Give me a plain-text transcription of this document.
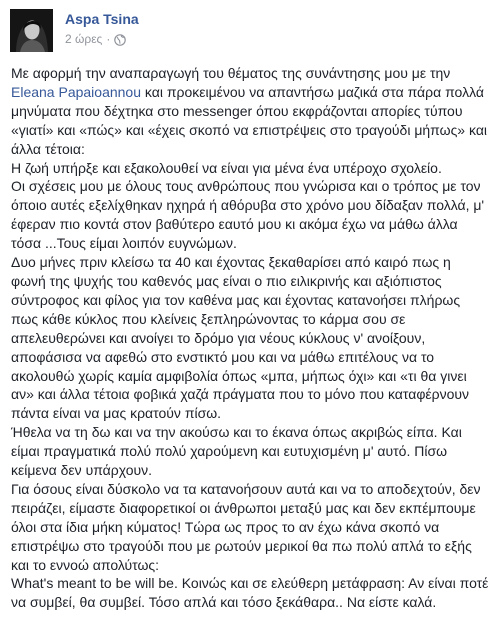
Aspa Tsina
2 ώρες ·

Με αφορμή την αναπαραγωγή του θέματος της συνάντησης μου με την Eleana Papaioannou και προκειμένου να απαντήσω μαζικά στα πάρα πολλά μηνύματα που δέχτηκα στο messenger όπου εκφράζονται απορίες τύπου «γιατί» και «πώς» και «έχεις σκοπό να επιστρέψεις στο τραγούδι μήπως» και άλλα τέτοια:

Η ζωή υπήρξε και εξακολουθεί να είναι για μένα ένα υπέροχο σχολείο.

Οι σχέσεις μου με όλους τους ανθρώπους που γνώρισα και ο τρόπος με τον όποιο αυτές εξελίχθηκαν ηχηρά ή αθόρυβα στο χρόνο μου δίδαξαν πολλά, μ' έφεραν πιο κοντά στον βαθύτερο εαυτό μου κι ακόμα έχω να μάθω άλλα τόσα ...Τους είμαι λοιπόν ευγνώμων.

Δυο μήνες πριν κλείσω τα 40 και έχοντας ξεκαθαρίσει από καιρό πως η φωνή της ψυχής του καθενός μας είναι ο πιο ειλικρινής και αξιόπιστος σύντροφος και φίλος για τον καθένα μας και έχοντας κατανοήσει πλήρως πως κάθε κύκλος που κλείνεις ξεπληρώνοντας το κάρμα σου σε απελευθερώνει και ανοίγει το δρόμο για νέους κύκλους ν' ανοίξουν, αποφάσισα να αφεθώ στο ενστικτό μου και να μάθω επιτέλους να το ακολουθώ χωρίς καμία αμφιβολία όπως «μπα, μήπως όχι» και «τι θα γινει αν» και άλλα τέτοια φοβικά χαζά πράγματα που το μόνο που καταφέρνουν πάντα είναι να μας κρατούν πίσω.

Ήθελα να τη δω και να την ακούσω και το έκανα όπως ακριβώς είπα. Και είμαι πραγματικά πολύ πολύ χαρούμενη και ευτυχισμένη μ' αυτό. Πίσω κείμενα δεν υπάρχουν.

Για όσους είναι δύσκολο να τα κατανοήσουν αυτά και να το αποδεχτούν, δεν πειράζει, είμαστε διαφορετικοί οι άνθρωποι μεταξύ μας και δεν εκπέμπουμε όλοι στα ίδια μήκη κύματος! Τώρα ως προς το αν έχω κάνα σκοπό να επιστρέψω στο τραγούδι που με ρωτούν μερικοί θα πω πολύ απλά το εξής και το εννοώ απολύτως:

What's meant to be will be. Κοινώς και σε ελεύθερη μετάφραση: Αν είναι ποτέ να συμβεί, θα συμβεί. Τόσο απλά και τόσο ξεκάθαρα.. Να είστε καλά.
